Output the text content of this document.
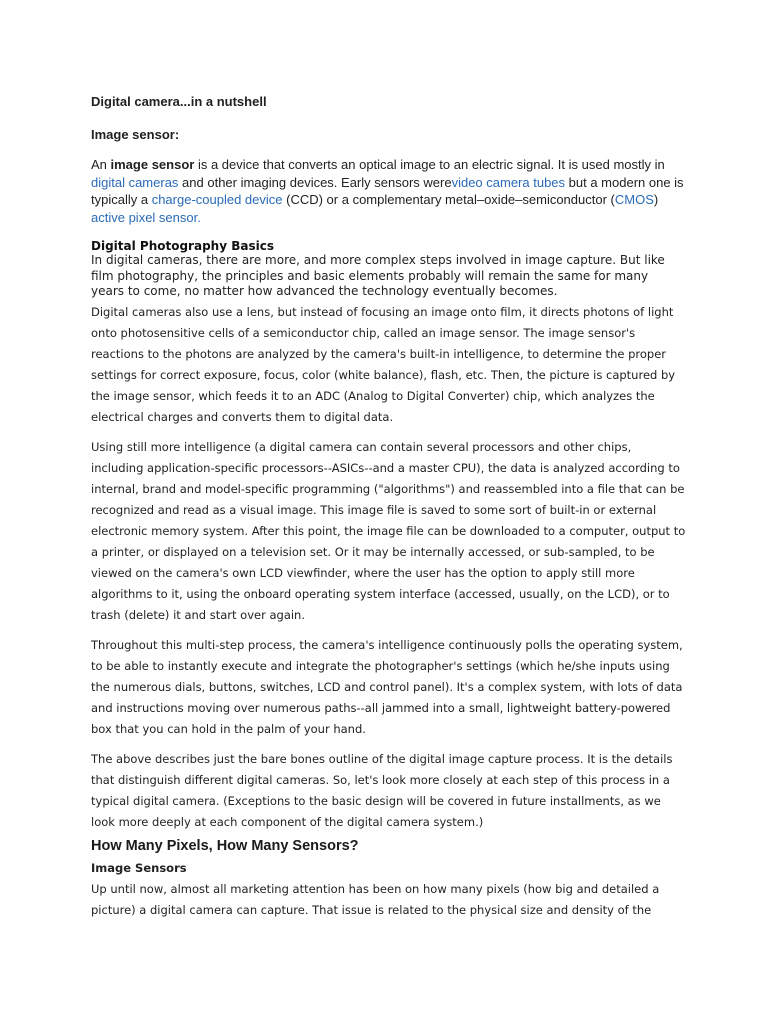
Digital camera...in a nutshell
Image sensor:

An image sensor is a device that converts an optical image to an electric signal. It is used mostly in digital cameras and other imaging devices. Early sensors werevideo camera tubes but a modern one is typically a charge-coupled device (CCD) or a complementary metal–oxide–semiconductor (CMOS) active pixel sensor.

Digital Photography Basics

In digital cameras, there are more, and more complex steps involved in image capture. But like film photography, the principles and basic elements probably will remain the same for many years to come, no matter how advanced the technology eventually becomes.

Digital cameras also use a lens, but instead of focusing an image onto film, it directs photons of light onto photosensitive cells of a semiconductor chip, called an image sensor. The image sensor's reactions to the photons are analyzed by the camera's built-in intelligence, to determine the proper settings for correct exposure, focus, color (white balance), flash, etc. Then, the picture is captured by the image sensor, which feeds it to an ADC (Analog to Digital Converter) chip, which analyzes the electrical charges and converts them to digital data.

Using still more intelligence (a digital camera can contain several processors and other chips, including application-specific processors--ASICs--and a master CPU), the data is analyzed according to internal, brand and model-specific programming ("algorithms") and reassembled into a file that can be recognized and read as a visual image. This image file is saved to some sort of built-in or external electronic memory system. After this point, the image file can be downloaded to a computer, output to a printer, or displayed on a television set. Or it may be internally accessed, or sub-sampled, to be viewed on the camera's own LCD viewfinder, where the user has the option to apply still more algorithms to it, using the onboard operating system interface (accessed, usually, on the LCD), or to trash (delete) it and start over again.

Throughout this multi-step process, the camera's intelligence continuously polls the operating system, to be able to instantly execute and integrate the photographer's settings (which he/she inputs using the numerous dials, buttons, switches, LCD and control panel). It's a complex system, with lots of data and instructions moving over numerous paths--all jammed into a small, lightweight battery-powered box that you can hold in the palm of your hand.

The above describes just the bare bones outline of the digital image capture process. It is the details that distinguish different digital cameras. So, let's look more closely at each step of this process in a typical digital camera. (Exceptions to the basic design will be covered in future installments, as we look more deeply at each component of the digital camera system.)

How Many Pixels, How Many Sensors?
Image Sensors

Up until now, almost all marketing attention has been on how many pixels (how big and detailed a picture) a digital camera can capture. That issue is related to the physical size and density of the
